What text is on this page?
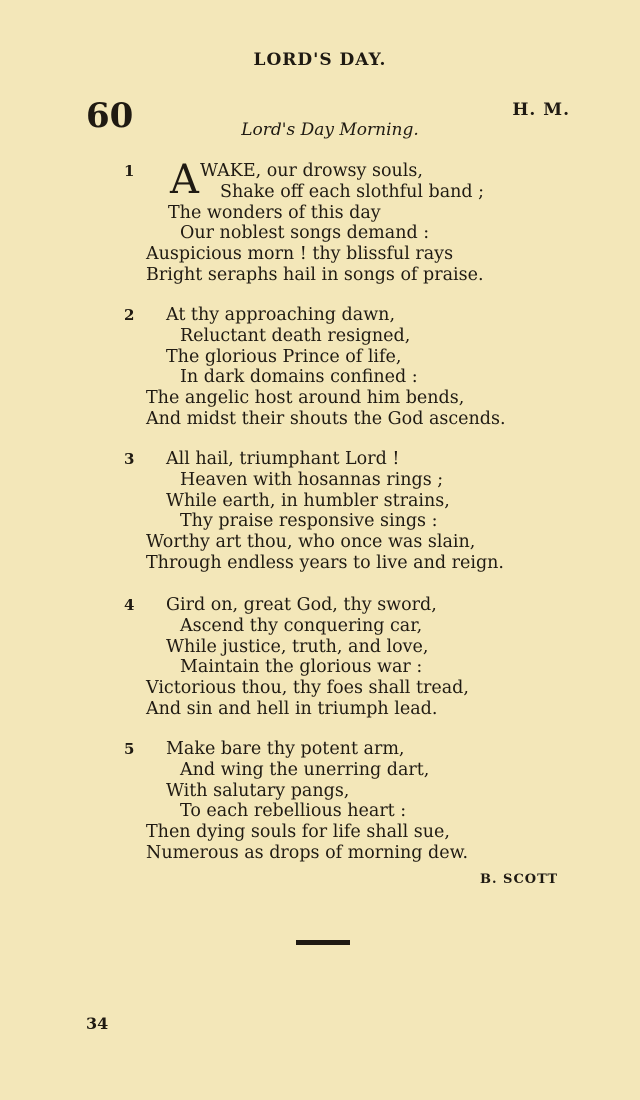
LORD'S DAY.
60	H. M.
Lord's Day Morning.
1 A WAKE, our drowsy souls,
Shake off each slothful band ;
The wonders of this day
Our noblest songs demand :
Auspicious morn ! thy blissful rays
Bright seraphs hail in songs of praise.
2 At thy approaching dawn,
Reluctant death resigned,
The glorious Prince of life,
In dark domains confined :
The angelic host around him bends,
And midst their shouts the God ascends.
3 All hail, triumphant Lord !
Heaven with hosannas rings ;
While earth, in humbler strains,
Thy praise responsive sings :
Worthy art thou, who once was slain,
Through endless years to live and reign.
4 Gird on, great God, thy sword,
Ascend thy conquering car,
While justice, truth, and love,
Maintain the glorious war :
Victorious thou, thy foes shall tread,
And sin and hell in triumph lead.
5 Make bare thy potent arm,
And wing the unerring dart,
With salutary pangs,
To each rebellious heart :
Then dying souls for life shall sue,
Numerous as drops of morning dew.
B. SCOTT
34
